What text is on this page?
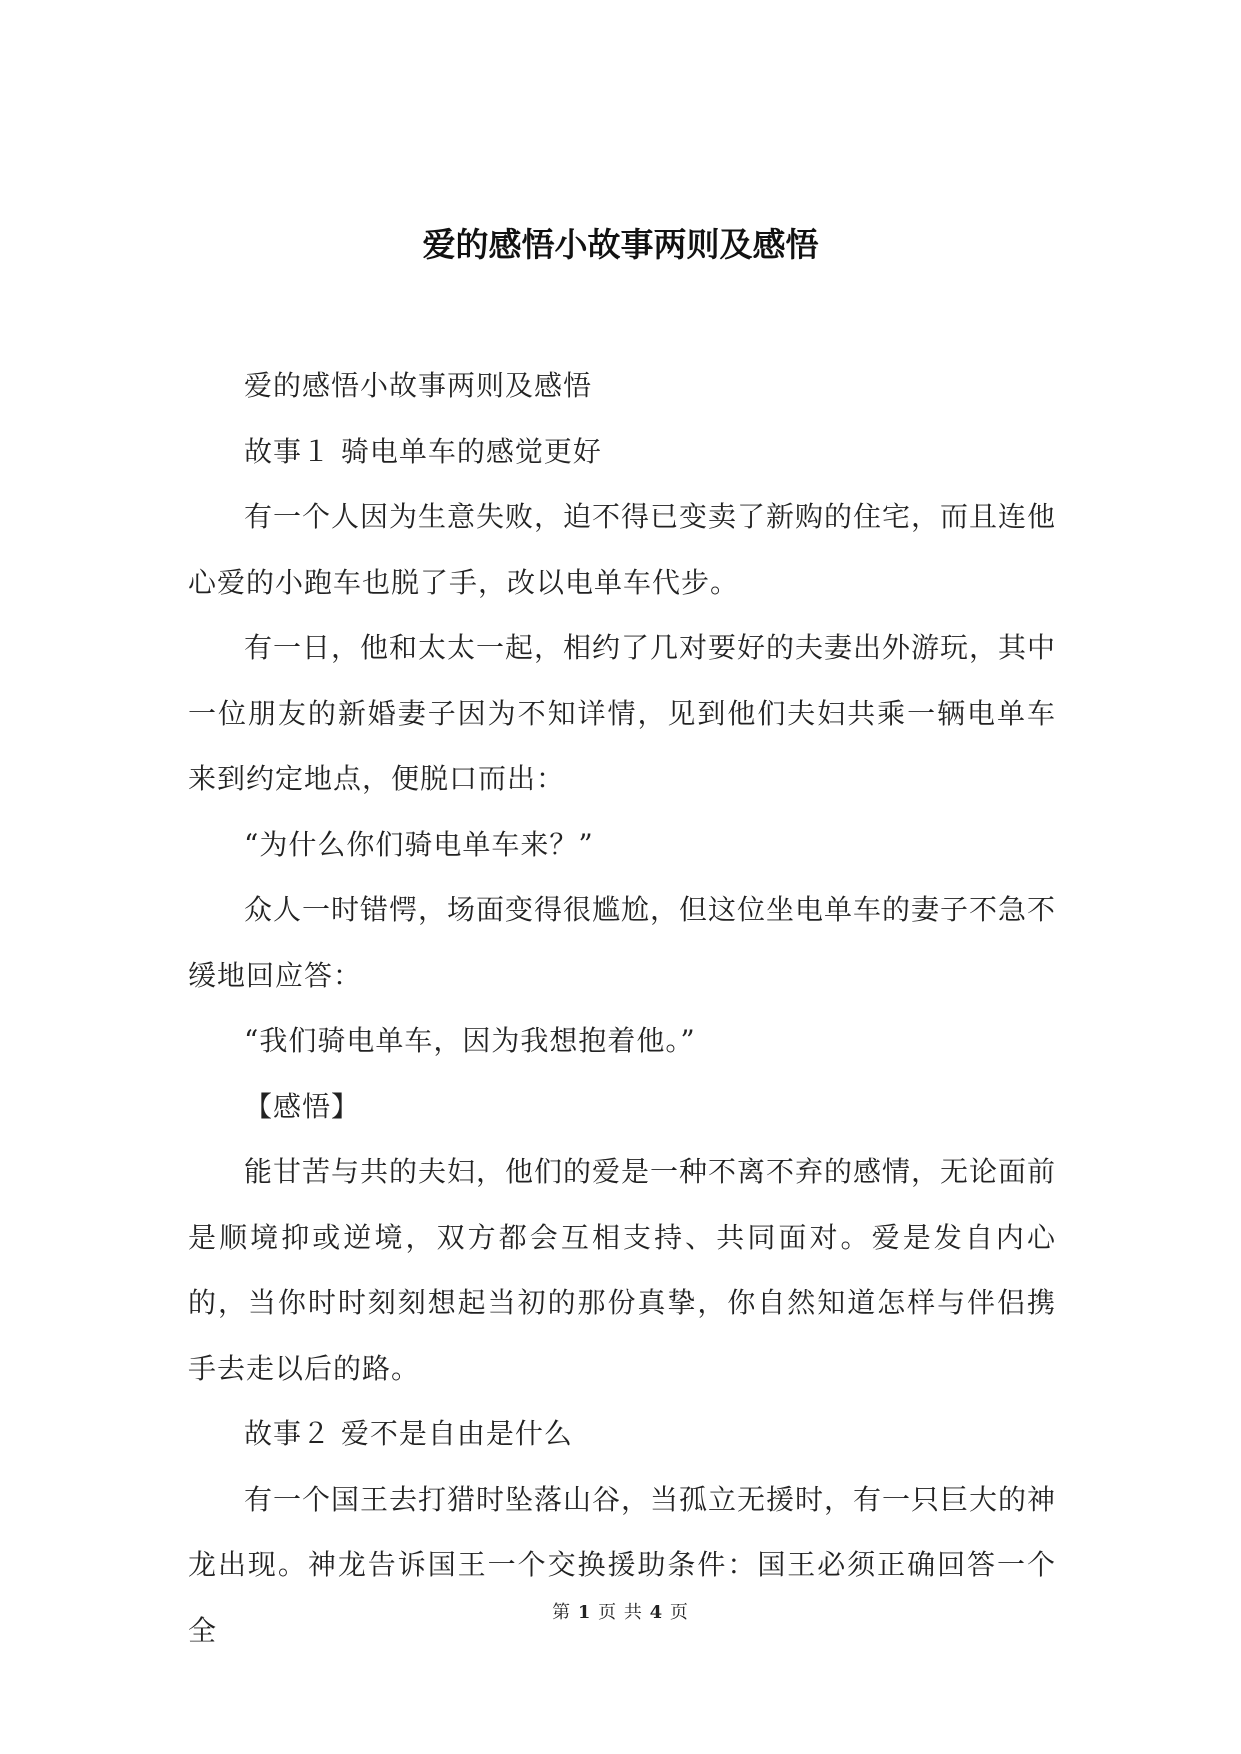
爱的感悟小故事两则及感悟

爱的感悟小故事两则及感悟

故事１ 骑电单车的感觉更好

有一个人因为生意失败，迫不得已变卖了新购的住宅，而且连他心爱的小跑车也脱了手，改以电单车代步。

有一日，他和太太一起，相约了几对要好的夫妻出外游玩，其中一位朋友的新婚妻子因为不知详情，见到他们夫妇共乘一辆电单车来到约定地点，便脱口而出：

“为什么你们骑电单车来？”

众人一时错愕，场面变得很尴尬，但这位坐电单车的妻子不急不缓地回应答：

“我们骑电单车，因为我想抱着他。”

【感悟】

能甘苦与共的夫妇，他们的爱是一种不离不弃的感情，无论面前是顺境抑或逆境，双方都会互相支持、共同面对。爱是发自内心的，当你时时刻刻想起当初的那份真挚，你自然知道怎样与伴侣携手去走以后的路。

故事２ 爱不是自由是什么

有一个国王去打猎时坠落山谷，当孤立无援时，有一只巨大的神龙出现。神龙告诉国王一个交换援助条件：国王必须正确回答一个全

第 1 页 共 4 页
